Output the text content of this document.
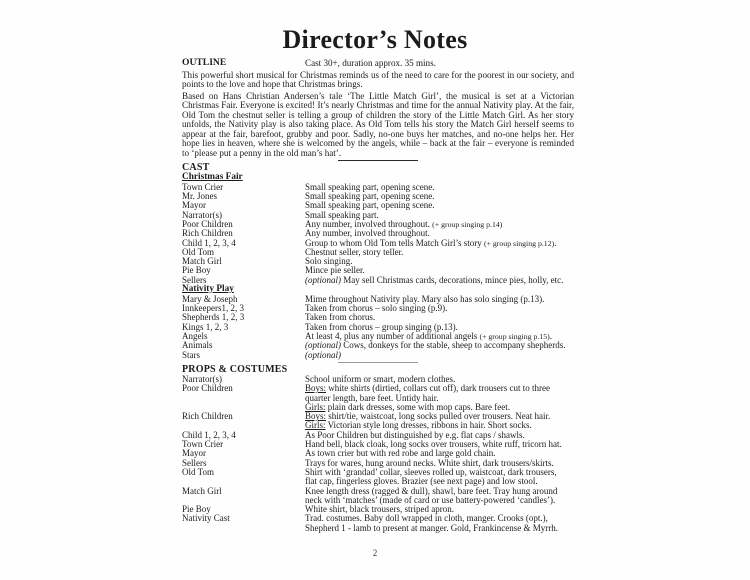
Director’s Notes
OUTLINE	Cast 30+, duration approx. 35 mins.

This powerful short musical for Christmas reminds us of the need to care for the poorest in our society, and points to the love and hope that Christmas brings.

Based on Hans Christian Andersen’s tale ‘The Little Match Girl’, the musical is set at a Victorian Christmas Fair. Everyone is excited! It’s nearly Christmas and time for the annual Nativity play. At the fair, Old Tom the chestnut seller is telling a group of children the story of the Little Match Girl. As her story unfolds, the Nativity play is also taking place. As Old Tom tells his story the Match Girl herself seems to appear at the fair, barefoot, grubby and poor. Sadly, no-one buys her matches, and no-one helps her. Her hope lies in heaven, where she is welcomed by the angels, while – back at the fair – everyone is reminded to ‘please put a penny in the old man’s hat’.

CAST
Christmas Fair
Town Crier	Small speaking part, opening scene.
Mr. Jones	Small speaking part, opening scene.
Mayor	Small speaking part, opening scene.
Narrator(s)	Small speaking part.
Poor Children	Any number, involved throughout. (+ group singing p.14)
Rich Children	Any number, involved throughout.
Child 1, 2, 3, 4	Group to whom Old Tom tells Match Girl’s story (+ group singing p.12).
Old Tom	Chestnut seller, story teller.
Match Girl	Solo singing.
Pie Boy	Mince pie seller.
Sellers	(optional) May sell Christmas cards, decorations, mince pies, holly, etc.
Nativity Play
Mary & Joseph	Mime throughout Nativity play. Mary also has solo singing (p.13).
Innkeepers1, 2, 3	Taken from chorus – solo singing (p.9).
Shepherds 1, 2, 3	Taken from chorus.
Kings 1, 2, 3	Taken from chorus – group singing (p.13).
Angels	At least 4, plus any number of additional angels (+ group singing p.15).
Animals	(optional) Cows, donkeys for the stable, sheep to accompany shepherds.
Stars	(optional)
PROPS & COSTUMES
Narrator(s)	School uniform or smart, modern clothes.
Poor Children	Boys: white shirts (dirtied, collars cut off), dark trousers cut to three
quarter length, bare feet. Untidy hair.
Girls: plain dark dresses, some with mop caps. Bare feet.
Rich Children	Boys: shirt/tie, waistcoat, long socks pulled over trousers. Neat hair.
Girls: Victorian style long dresses, ribbons in hair. Short socks.
Child 1, 2, 3, 4	As Poor Children but distinguished by e.g. flat caps / shawls.
Town Crier	Hand bell, black cloak, long socks over trousers, white ruff, tricorn hat.
Mayor	As town crier but with red robe and large gold chain.
Sellers	Trays for wares, hung around necks. White shirt, dark trousers/skirts.
Old Tom	Shirt with ‘grandad’ collar, sleeves rolled up, waistcoat, dark trousers,
flat cap, fingerless gloves. Brazier (see next page) and low stool.
Match Girl	Knee length dress (ragged & dull), shawl, bare feet. Tray hung around
neck with ‘matches’ (made of card or use battery-powered ‘candles’).
Pie Boy	White shirt, black trousers, striped apron.
Nativity Cast	Trad. costumes. Baby doll wrapped in cloth, manger. Crooks (opt.),
Shepherd 1 - lamb to present at manger. Gold, Frankincense & Myrrh.
2
